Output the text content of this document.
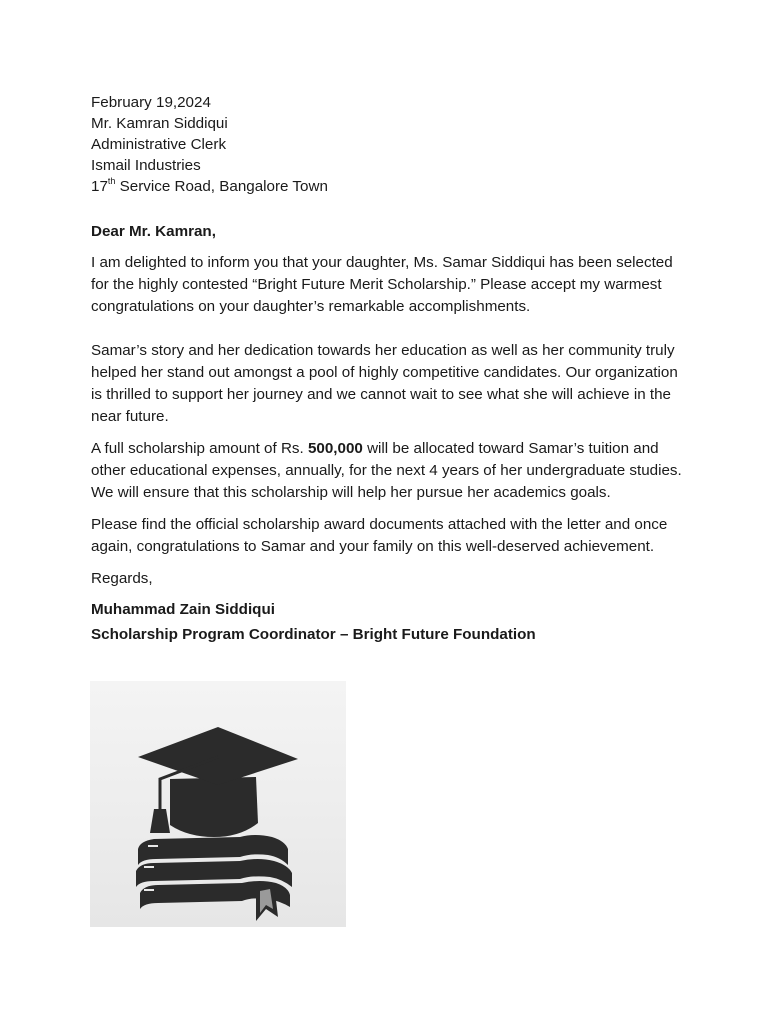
February 19,2024
Mr. Kamran Siddiqui
Administrative Clerk
Ismail Industries
17th Service Road, Bangalore Town
Dear Mr. Kamran,

I am delighted to inform you that your daughter, Ms. Samar Siddiqui has been selected for the highly contested “Bright Future Merit Scholarship.” Please accept my warmest congratulations on your daughter’s remarkable accomplishments.

Samar’s story and her dedication towards her education as well as her community truly helped her stand out amongst a pool of highly competitive candidates. Our organization is thrilled to support her journey and we cannot wait to see what she will achieve in the near future.

A full scholarship amount of Rs. 500,000 will be allocated toward Samar’s tuition and other educational expenses, annually, for the next 4 years of her undergraduate studies. We will ensure that this scholarship will help her pursue her academics goals.

Please find the official scholarship award documents attached with the letter and once again, congratulations to Samar and your family on this well-deserved achievement.

Regards,

Muhammad Zain Siddiqui
Scholarship Program Coordinator – Bright Future Foundation
